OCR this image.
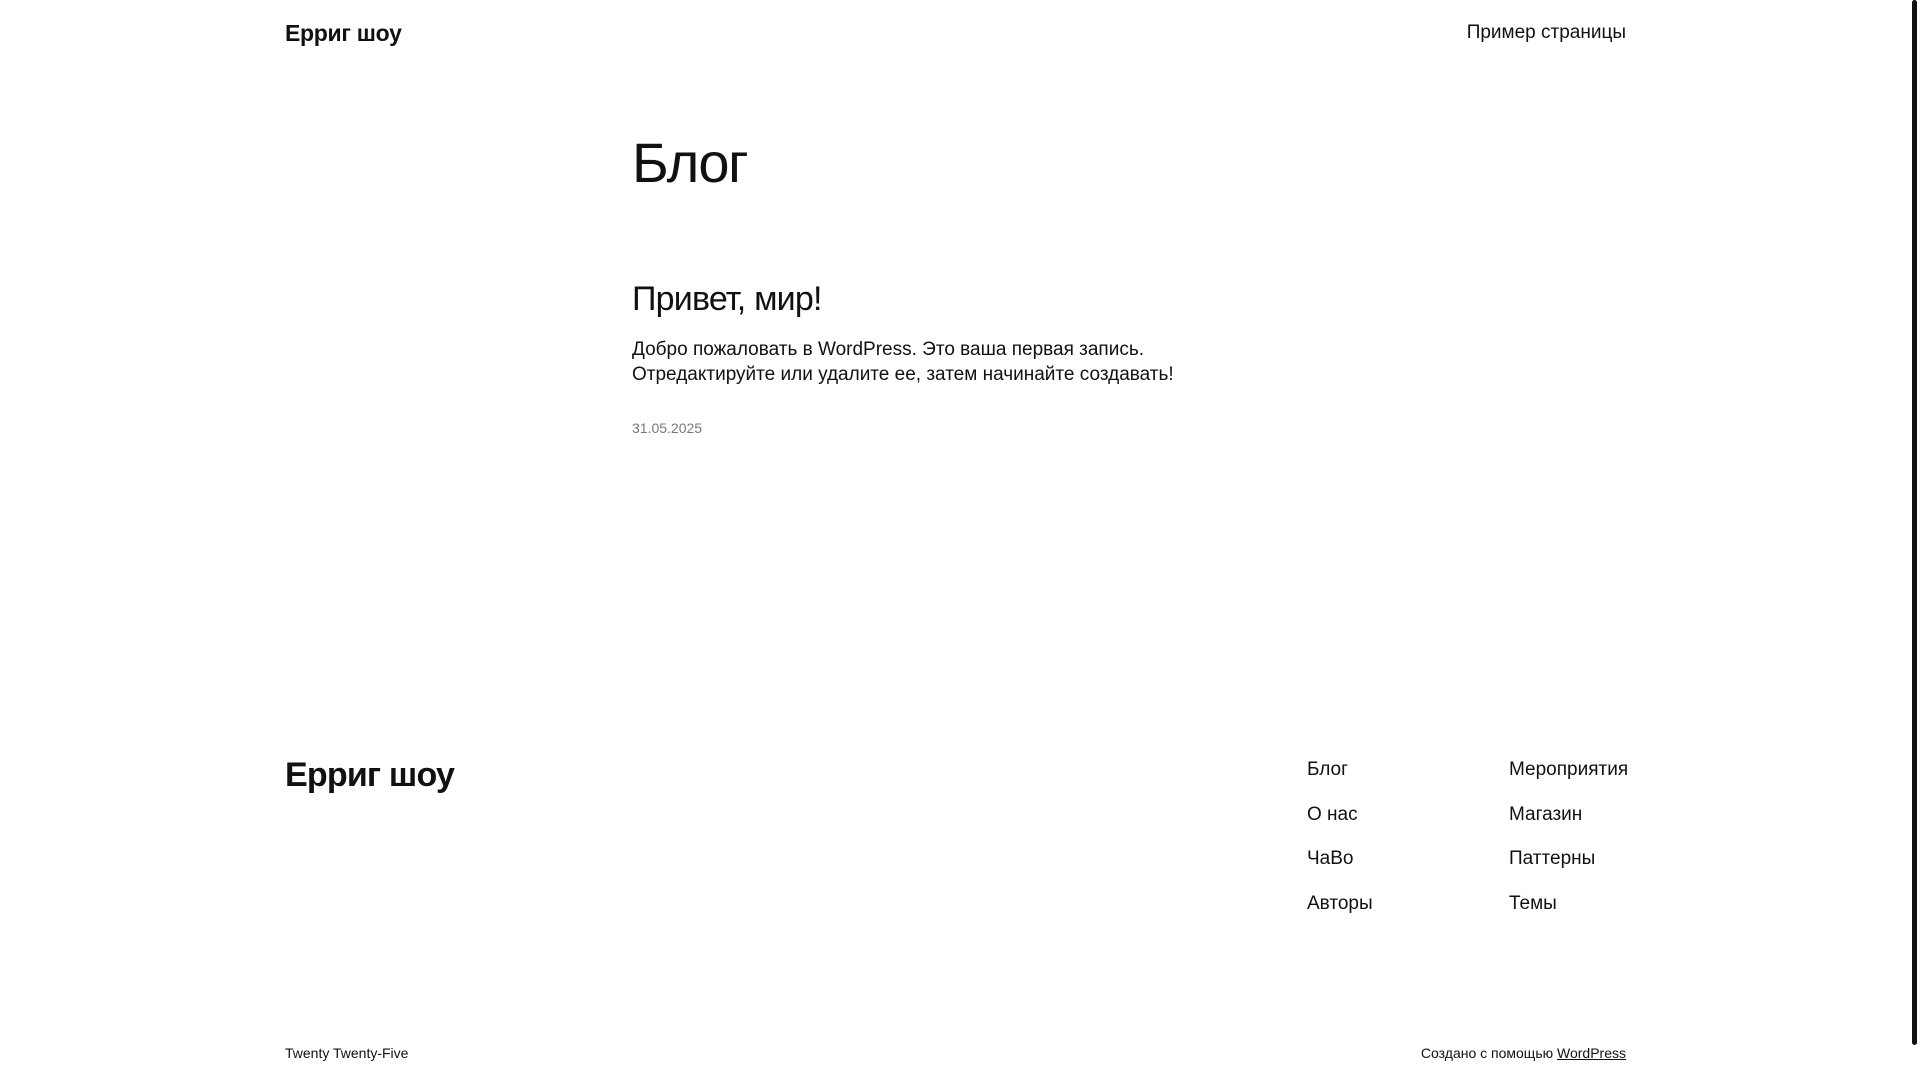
Ерриг шоу	Пример страницы
Блог
Привет, мир!

Добро пожаловать в WordPress. Это ваша первая запись. Отредактируйте или удалите ее, затем начинайте создавать!

31.05.2025
Ерриг шоу	Блог
О нас
ЧаВо
Авторы
Мероприятия
Магазин
Паттерны
Темы
Twenty Twenty-Five	Создано с помощью WordPress
